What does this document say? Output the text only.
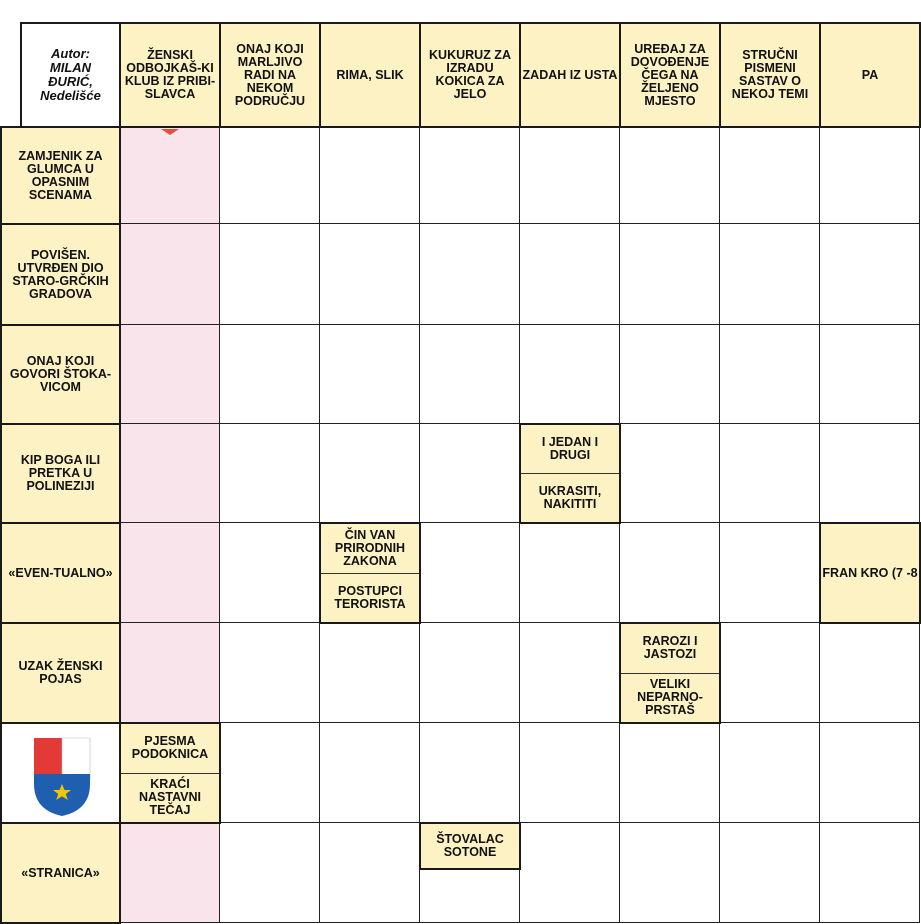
Autor:
MILAN
ĐURIĆ,
Nedelišće
ŽENSKI ODBOJKAŠ-KI KLUB IZ PRIBI-SLAVCA
ONAJ KOJI MARLJIVO RADI NA NEKOM PODRUČJU
RIMA, SLIK
KUKURUZ ZA IZRADU KOKICA ZA JELO
ZADAH IZ USTA
UREĐAJ ZA DOVOĐENJE ČEGA NA ŽELJENO MJESTO
STRUČNI PISMENI SASTAV O NEKOJ TEMI
PA
ZAMJENIK ZA GLUMCA U OPASNIM SCENAMA
POVIŠEN. UTVRĐEN DIO STARO-GRČKIH GRADOVA
ONAJ KOJI GOVORI ŠTOKA-VICOM
KIP BOGA ILI PRETKA U POLINEZIJI
«EVEN-TUALNO»
UZAK ŽENSKI POJAS
«STRANICA»
I JEDAN I DRUGI
UKRASITI, NAKITITI
ČIN VAN PRIRODNIH ZAKONA
POSTUPCI TERORISTA
FRAN KRO (7 -8
RAROZI I JASTOZI
VELIKI NEPARNO-PRSTAŠ
PJESMA PODOKNICA
KRAĆI NASTAVNI TEČAJ
ŠTOVALAC SOTONE
